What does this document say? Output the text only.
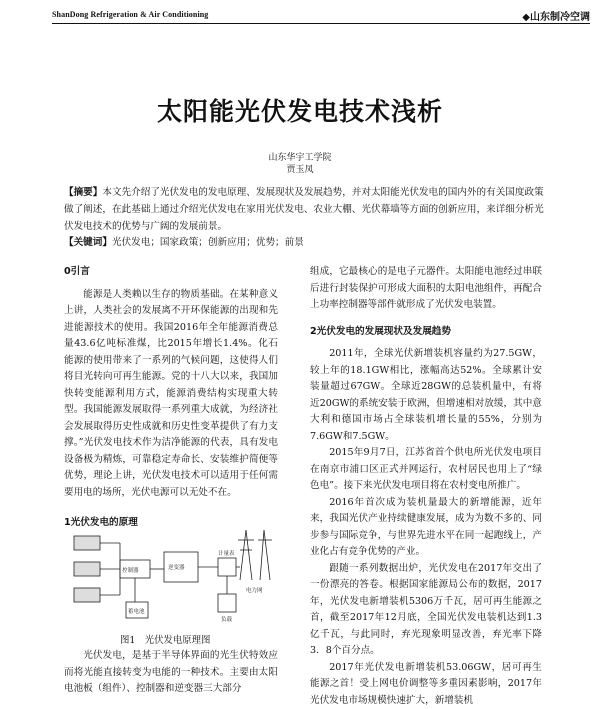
ShanDong Refrigeration & Air Conditioning	◆山东制冷空调
太阳能光伏发电技术浅析
山东华宇工学院
贾玉凤
【摘要】本文先介绍了光伏发电的发电原理、发展现状及发展趋势，并对太阳能光伏发电的国内外的有关国度政策做了阐述，在此基础上通过介绍光伏发电在家用光伏发电、农业大棚、光伏幕墙等方面的创新应用，来详细分析光伏发电技术的优势与广阔的发展前景。
【关键词】光伏发电；国家政策；创新应用；优势；前景

0引言

能源是人类赖以生存的物质基础。在某种意义上讲，人类社会的发展离不开环保能源的出现和先进能源技术的使用。我国2016年全年能源消费总量43.6亿吨标准煤，比2015年增长1.4%。化石能源的使用带来了一系列的气候问题，这使得人们将目光转向可再生能源。党的十八大以来，我国加快转变能源利用方式，能源消费结构实现重大转型。我国能源发展取得一系列重大成就，为经济社会发展取得历史性成就和历史性变革提供了有力支撑。”光伏发电技术作为洁净能源的代表，具有发电设备极为精炼，可靠稳定寿命长、安装维护简便等优势，理论上讲，光伏发电技术可以适用于任何需要用电的场所，光伏电源可以无处不在。

1光伏发电的原理

控制器	逆变器
蓄电池
计量表
电力网
负载
图1　光伏发电原理图

光伏发电，是基于半导体界面的光生伏特效应而将光能直接转变为电能的一种技术。主要由太阳电池板（组件）、控制器和逆变器三大部分

组成，它最核心的是电子元器件。太阳能电池经过串联后进行封装保护可形成大面积的太阳电池组件，再配合上功率控制器等部件就形成了光伏发电装置。

2光伏发电的发展现状及发展趋势

2011年，全球光伏新增装机容量约为27.5GW，较上年的18.1GW相比，涨幅高达52%。全球累计安装量超过67GW。全球近28GW的总装机量中，有将近20GW的系统安装于欧洲，但增速相对放缓，其中意大利和德国市场占全球装机增长量的55%，分别为7.6GW和7.5GW。

2015年9月7日，江苏省首个供电所光伏发电项目在南京市浦口区正式并网运行，农村居民也用上了“绿色电”。接下来光伏发电项目将在农村变电所推广。

2016年首次成为装机量最大的新增能源，近年来，我国光伏产业持续健康发展，成为为数不多的、同步参与国际竞争，与世界先进水平在同一起跑线上，产业化占有竞争优势的产业。

跟随一系列数据出炉，光伏发电在2017年交出了一份漂亮的答卷。根据国家能源局公布的数据，2017年，光伏发电新增装机5306万千瓦，居可再生能源之首，截至2017年12月底，全国光伏发电装机达到1.3亿千瓦，与此同时，弃光现象明显改善，弃光率下降3．8个百分点。

2017年光伏发电新增装机53.06GW，居可再生能源之首！受上网电价调整等多重因素影响，2017年光伏发电市场规模快速扩大，新增装机
